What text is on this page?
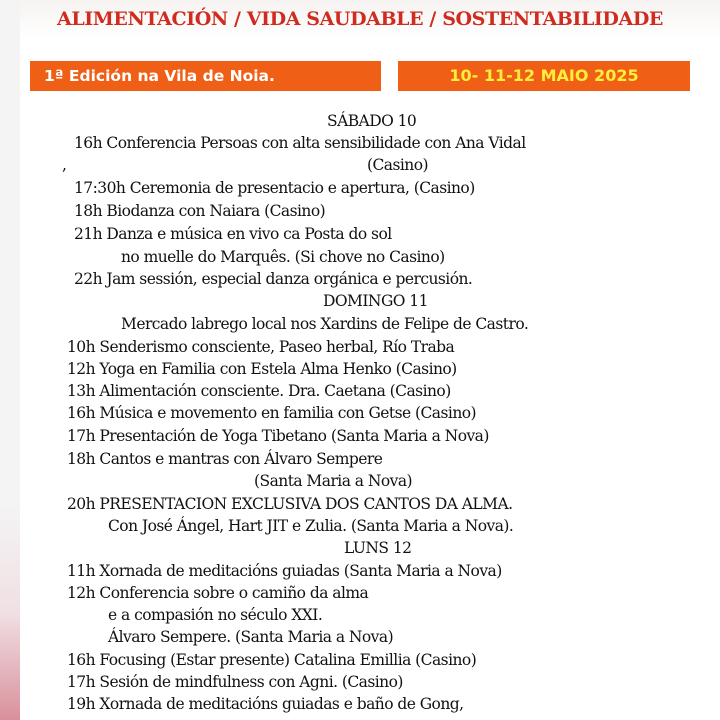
ALIMENTACIÓN / VIDA SAUDABLE / SOSTENTABILIDADE
1ª Edición na Vila de Noia.	10- 11-12 MAIO 2025
SÁBADO 10
16h Conferencia Persoas con alta sensibilidade con Ana Vidal
,	(Casino)
17:30h Ceremonia de presentacio e apertura, (Casino)
18h Biodanza con Naiara (Casino)
21h Danza e música en vivo ca Posta do sol
no muelle do Marquês. (Si chove no Casino)
22h Jam sessión, especial danza orgánica e percusión.
DOMINGO 11
Mercado labrego local nos Xardins de Felipe de Castro.
10h Senderismo consciente, Paseo herbal, Río Traba
12h Yoga en Familia con Estela Alma Henko (Casino)
13h Alimentación consciente. Dra. Caetana (Casino)
16h Música e movemento en familia con Getse (Casino)
17h Presentación de Yoga Tibetano (Santa Maria a Nova)
18h Cantos e mantras con Álvaro Sempere
(Santa Maria a Nova)
20h PRESENTACION EXCLUSIVA DOS CANTOS DA ALMA.
Con José Ángel, Hart JIT e Zulia. (Santa Maria a Nova).
LUNS 12
11h Xornada de meditacións guiadas (Santa Maria a Nova)
12h Conferencia sobre o camiño da alma
e a compasión no século XXI.
Álvaro Sempere. (Santa Maria a Nova)
16h Focusing (Estar presente) Catalina Emillia (Casino)
17h Sesión de mindfulness con Agni. (Casino)
19h Xornada de meditacións guiadas e baño de Gong,
